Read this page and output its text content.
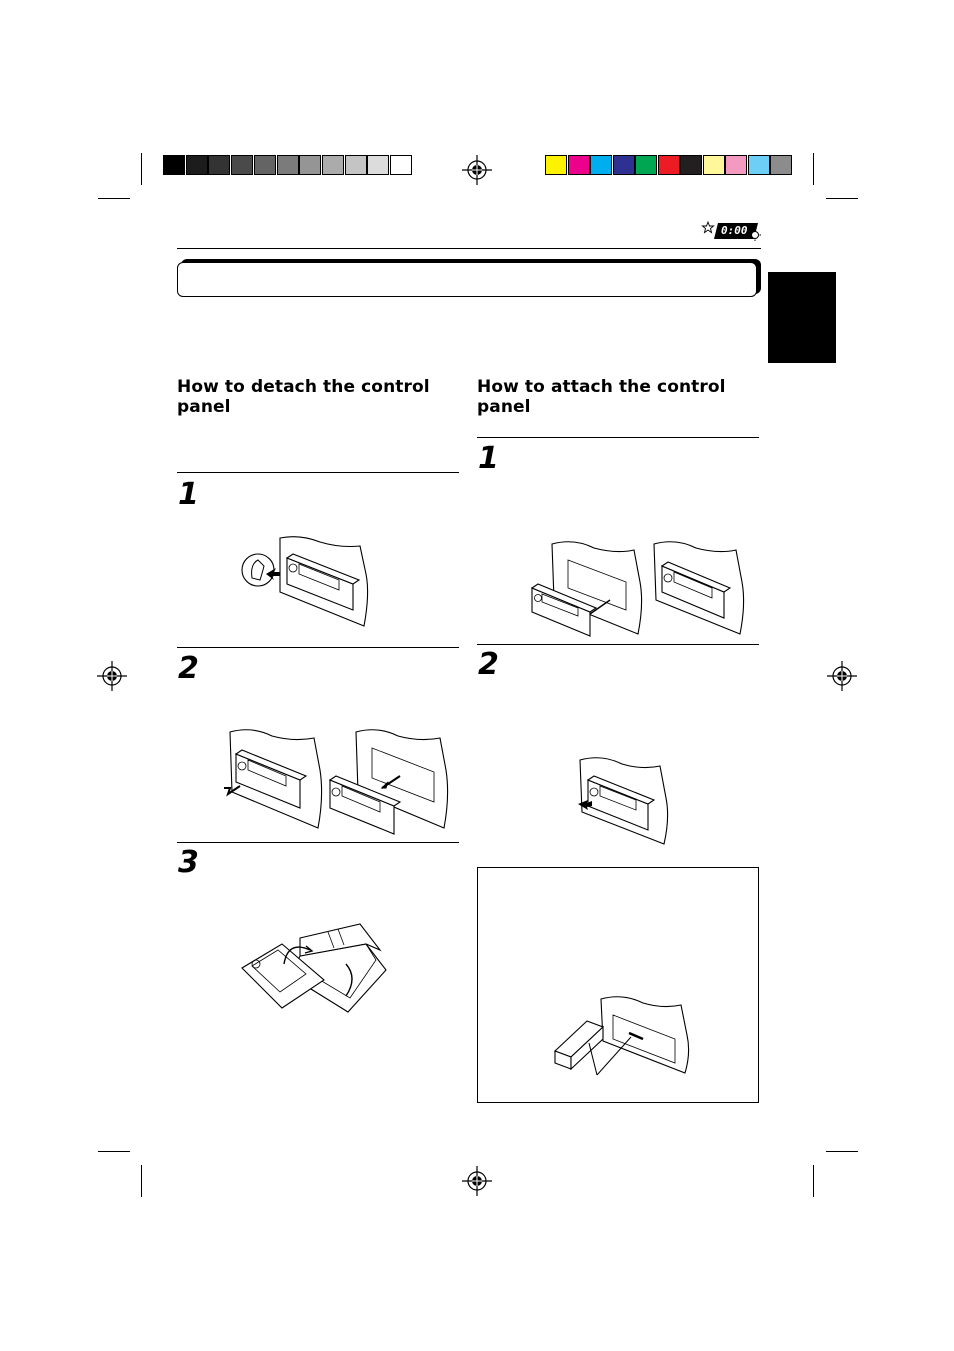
0:00
How to detach the control panel
1
2
3
How to attach the control panel
1
2
